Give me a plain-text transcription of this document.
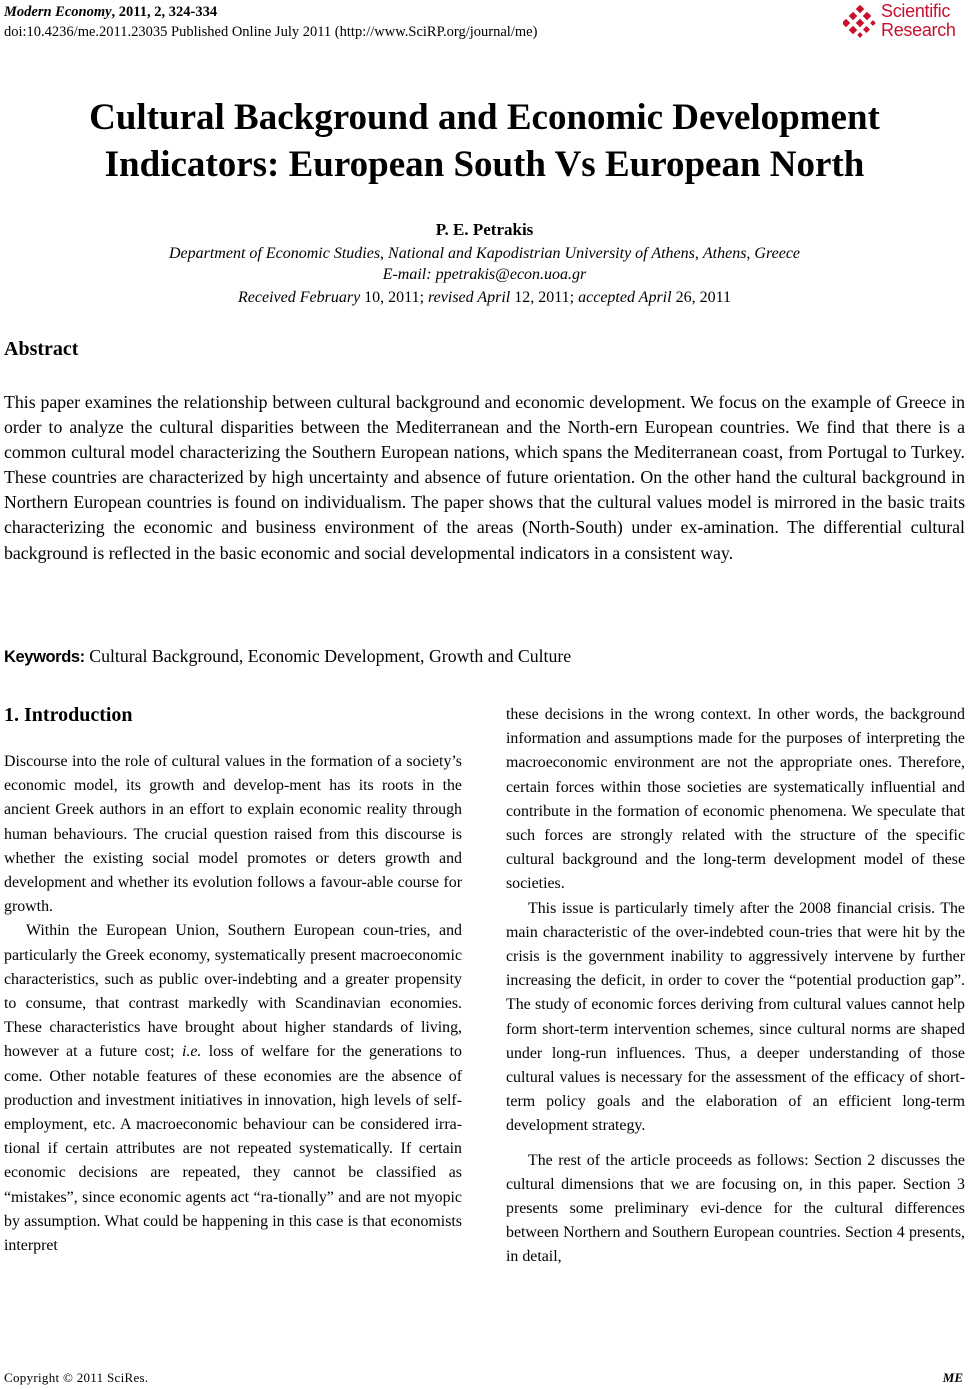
Modern Economy, 2011, 2, 324-334
doi:10.4236/me.2011.23035 Published Online July 2011 (http://www.SciRP.org/journal/me)
Scientific
Research
Cultural Background and Economic Development
Indicators: European South Vs European North
P. E. Petrakis
Department of Economic Studies, National and Kapodistrian University of Athens, Athens, Greece
E-mail: ppetrakis@econ.uoa.gr
Received February 10, 2011; revised April 12, 2011; accepted April 26, 2011
Abstract
This paper examines the relationship between cultural background and economic development. We focus on the example of Greece in order to analyze the cultural disparities between the Mediterranean and the North-ern European countries. We find that there is a common cultural model characterizing the Southern European nations, which spans the Mediterranean coast, from Portugal to Turkey. These countries are characterized by high uncertainty and absence of future orientation. On the other hand the cultural background in Northern European countries is found on individualism. The paper shows that the cultural values model is mirrored in the basic traits characterizing the economic and business environment of the areas (North-South) under ex-amination. The differential cultural background is reflected in the basic economic and social developmental indicators in a consistent way.
Keywords: Cultural Background, Economic Development, Growth and Culture

1. Introduction

Discourse into the role of cultural values in the formation of a society’s economic model, its growth and develop-ment has its roots in the ancient Greek authors in an effort to explain economic reality through human behaviours. The crucial question raised from this discourse is whether the existing social model promotes or deters growth and development and whether its evolution follows a favour-able course for growth.

Within the European Union, Southern European coun-tries, and particularly the Greek economy, systematically present macroeconomic characteristics, such as public over-indebting and a greater propensity to consume, that contrast markedly with Scandinavian economies. These characteristics have brought about higher standards of living, however at a future cost; i.e. loss of welfare for the generations to come. Other notable features of these economies are the absence of production and investment initiatives in innovation, high levels of self-employment, etc. A macroeconomic behaviour can be considered irra-tional if certain attributes are not repeated systematically. If certain economic decisions are repeated, they cannot be classified as “mistakes”, since economic agents act “ra-tionally” and are not myopic by assumption. What could be happening in this case is that economists interpret

these decisions in the wrong context. In other words, the background information and assumptions made for the purposes of interpreting the macroeconomic environment are not the appropriate ones. Therefore, certain forces within those societies are systematically influential and contribute in the formation of economic phenomena. We speculate that such forces are strongly related with the structure of the specific cultural background and the long-term development model of these societies.

This issue is particularly timely after the 2008 financial crisis. The main characteristic of the over-indebted coun-tries that were hit by the crisis is the government inability to aggressively intervene by further increasing the deficit, in order to cover the “potential production gap”. The study of economic forces deriving from cultural values cannot help form short-term intervention schemes, since cultural norms are shaped under long-run influences. Thus, a deeper understanding of those cultural values is necessary for the assessment of the efficacy of short-term policy goals and the elaboration of an efficient long-term development strategy.

The rest of the article proceeds as follows: Section 2 discusses the cultural dimensions that we are focusing on, in this paper. Section 3 presents some preliminary evi-dence for the cultural differences between Northern and Southern European countries. Section 4 presents, in detail,

Copyright © 2011 SciRes.	ME
